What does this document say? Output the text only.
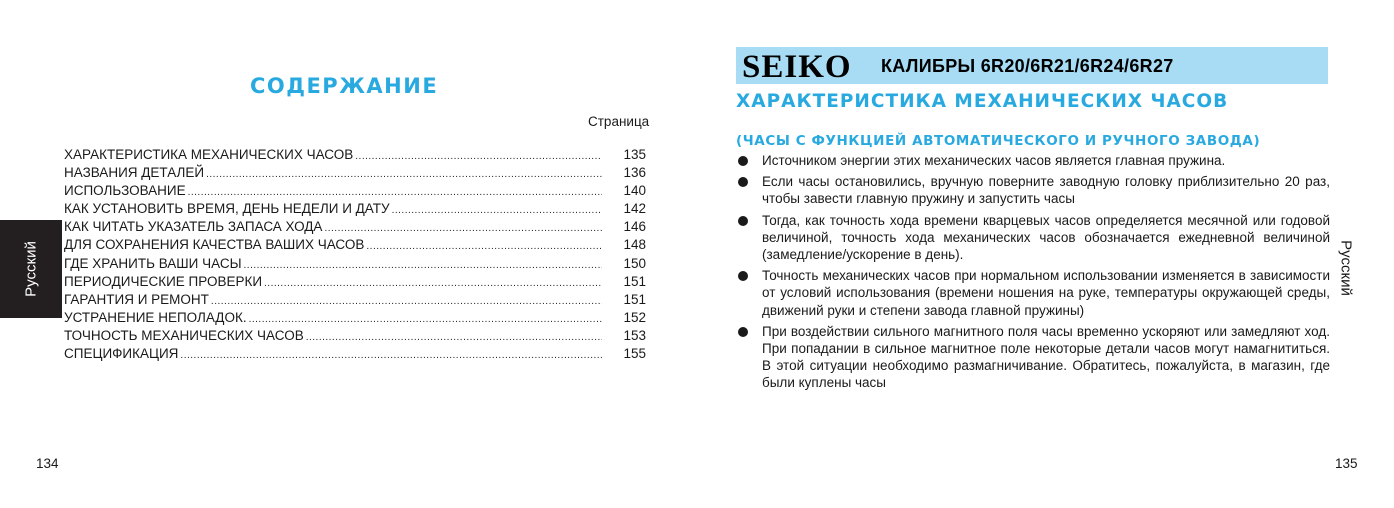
СОДЕРЖАНИЕ
Страница
ХАРАКТЕРИСТИКА МЕХАНИЧЕСКИХ ЧАСОВ .....	135
НАЗВАНИЯ ДЕТАЛЕЙ .....	136
ИСПОЛЬЗОВАНИЕ .....	140
КАК УСТАНОВИТЬ ВРЕМЯ, ДЕНЬ НЕДЕЛИ И ДАТУ .....	142
КАК ЧИТАТЬ УКАЗАТЕЛЬ ЗАПАСА ХОДА .....	146
ДЛЯ СОХРАНЕНИЯ КАЧЕСТВА ВАШИХ ЧАСОВ .....	148
ГДЕ ХРАНИТЬ ВАШИ ЧАСЫ .....	150
ПЕРИОДИЧЕСКИЕ ПРОВЕРКИ .....	151
ГАРАНТИЯ И РЕМОНТ .....	151
УСТРАНЕНИЕ НЕПОЛАДОК. .....	152
ТОЧНОСТЬ МЕХАНИЧЕСКИХ ЧАСОВ .....	153
СПЕЦИФИКАЦИЯ .....	155
Русский
134
SEIKO КАЛИБРЫ 6R20/6R21/6R24/6R27
ХАРАКТЕРИСТИКА МЕХАНИЧЕСКИХ ЧАСОВ
(ЧАСЫ С ФУНКЦИЕЙ АВТОМАТИЧЕСКОГО И РУЧНОГО ЗАВОДА)
Источником энергии этих механических часов является главная пружина.
Если часы остановились, вручную поверните заводную головку приблизительно 20 раз, чтобы завести главную пружину и запустить часы
Тогда, как точность хода времени кварцевых часов определяется месячной или годовой величиной, точность хода механических часов обозначается ежедневной величиной (замедление/ускорение в день).
Точность механических часов при нормальном использовании изменяется в зависимости от условий использования (времени ношения на руке, температуры окружающей среды, движений руки и степени завода главной пружины)
При воздействии сильного магнитного поля часы временно ускоряют или замедляют ход. При попадании в сильное магнитное поле некоторые детали часов могут намагнититься. В этой ситуации необходимо размагничивание. Обратитесь, пожалуйста, в магазин, где были куплены часы
Русский
135
